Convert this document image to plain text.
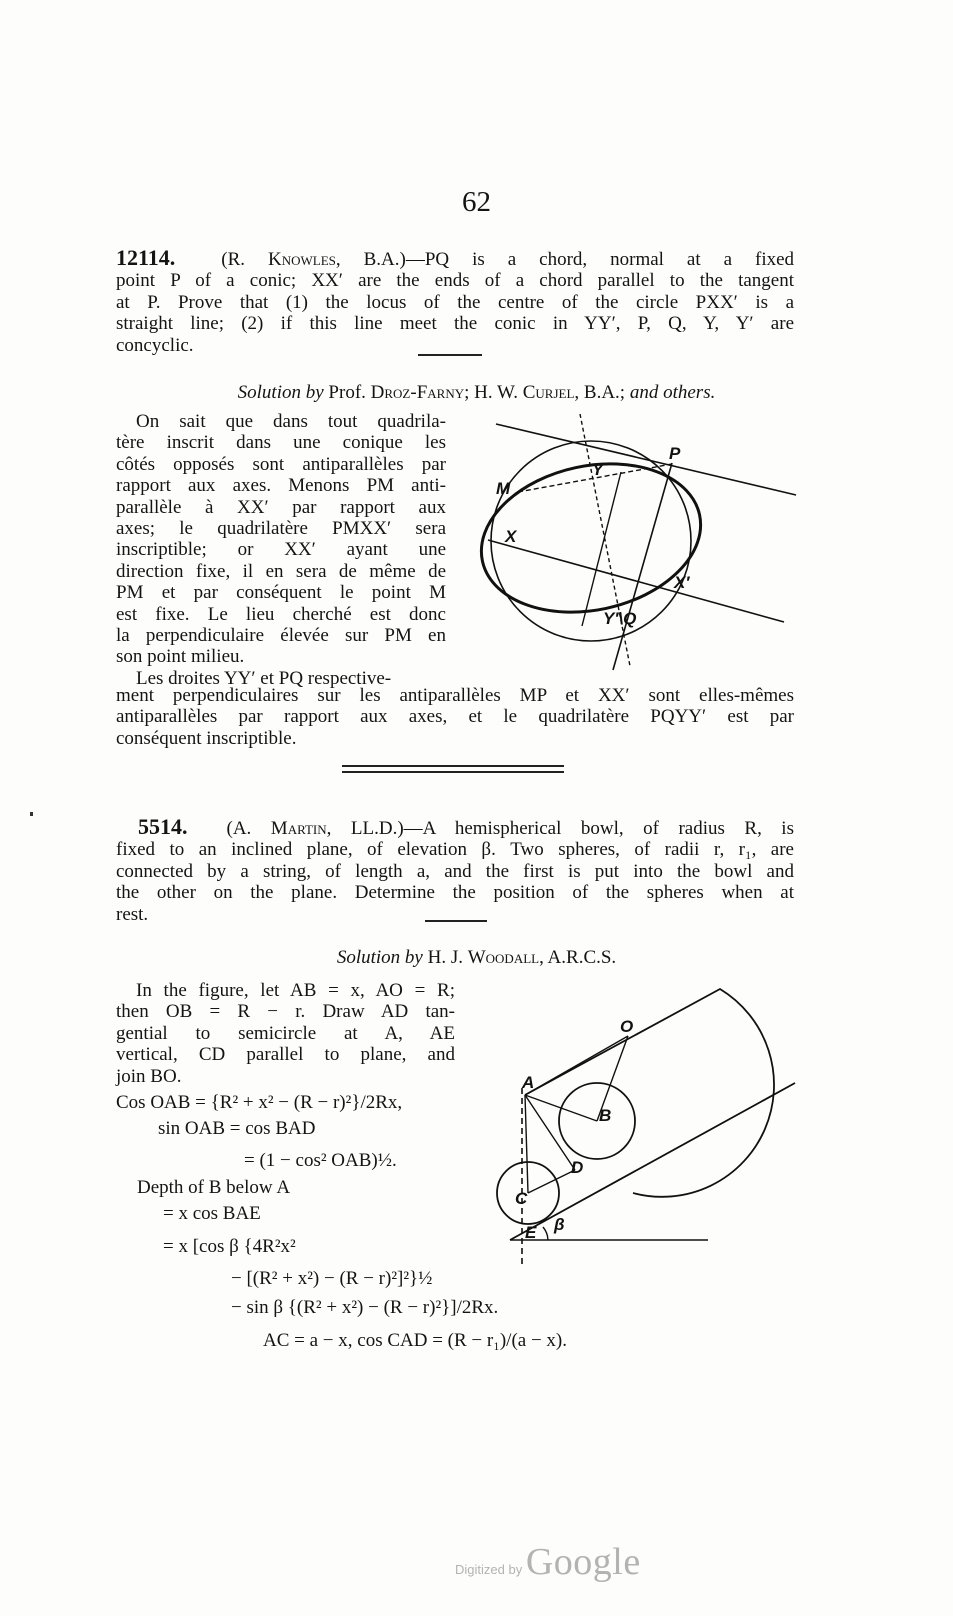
62
12114. (R. Knowles, B.A.)—PQ is a chord, normal at a fixed
point P of a conic; XX′ are the ends of a chord parallel to the tangent
at P. Prove that (1) the locus of the centre of the circle PXX′ is a
straight line; (2) if this line meet the conic in YY′, P, Q, Y, Y′ are
concyclic.
Solution by Prof. Droz-Farny; H. W. Curjel, B.A.; and others.
On sait que dans tout quadrila-
tère inscrit dans une conique les
côtés opposés sont antiparallèles par
rapport aux axes. Menons PM anti-
parallèle à XX′ par rapport aux
axes; le quadrilatère PMXX′ sera
inscriptible; or XX′ ayant une
direction fixe, il en sera de même de
PM et par conséquent le point M
est fixe. Le lieu cherché est donc
la perpendiculaire élevée sur PM en
son point milieu.
Les droites YY′ et PQ respective-
ment perpendiculaires sur les antiparallèles MP et XX′ sont elles-mêmes
antiparallèles par rapport aux axes, et le quadrilatère PQYY′ est par
conséquent inscriptible.
P
M
Y
X
X′
Y′\Q
5514. (A. Martin, LL.D.)—A hemispherical bowl, of radius R, is
fixed to an inclined plane, of elevation β. Two spheres, of radii r, r₁, are
connected by a string, of length a, and the first is put into the bowl and
the other on the plane. Determine the position of the spheres when at
rest.
Solution by H. J. Woodall, A.R.C.S.
In the figure, let AB = x, AO = R;
then OB = R − r. Draw AD tan-
gential to semicircle at A, AE
vertical, CD parallel to plane, and
join BO.
Cos OAB = {R² + x² − (R − r)²}/2Rx,
sin OAB = cos BAD
= (1 − cos² OAB)½.
Depth of B below A
= x cos BAE
= x [cos β {4R²x²
− [(R² + x²) − (R − r)²]²}½
− sin β {(R² + x²) − (R − r)²}]/2Rx.
AC = a − x, cos CAD = (R − r₁)/(a − x).
O
A
B
D
C
E β
Digitized by Google
